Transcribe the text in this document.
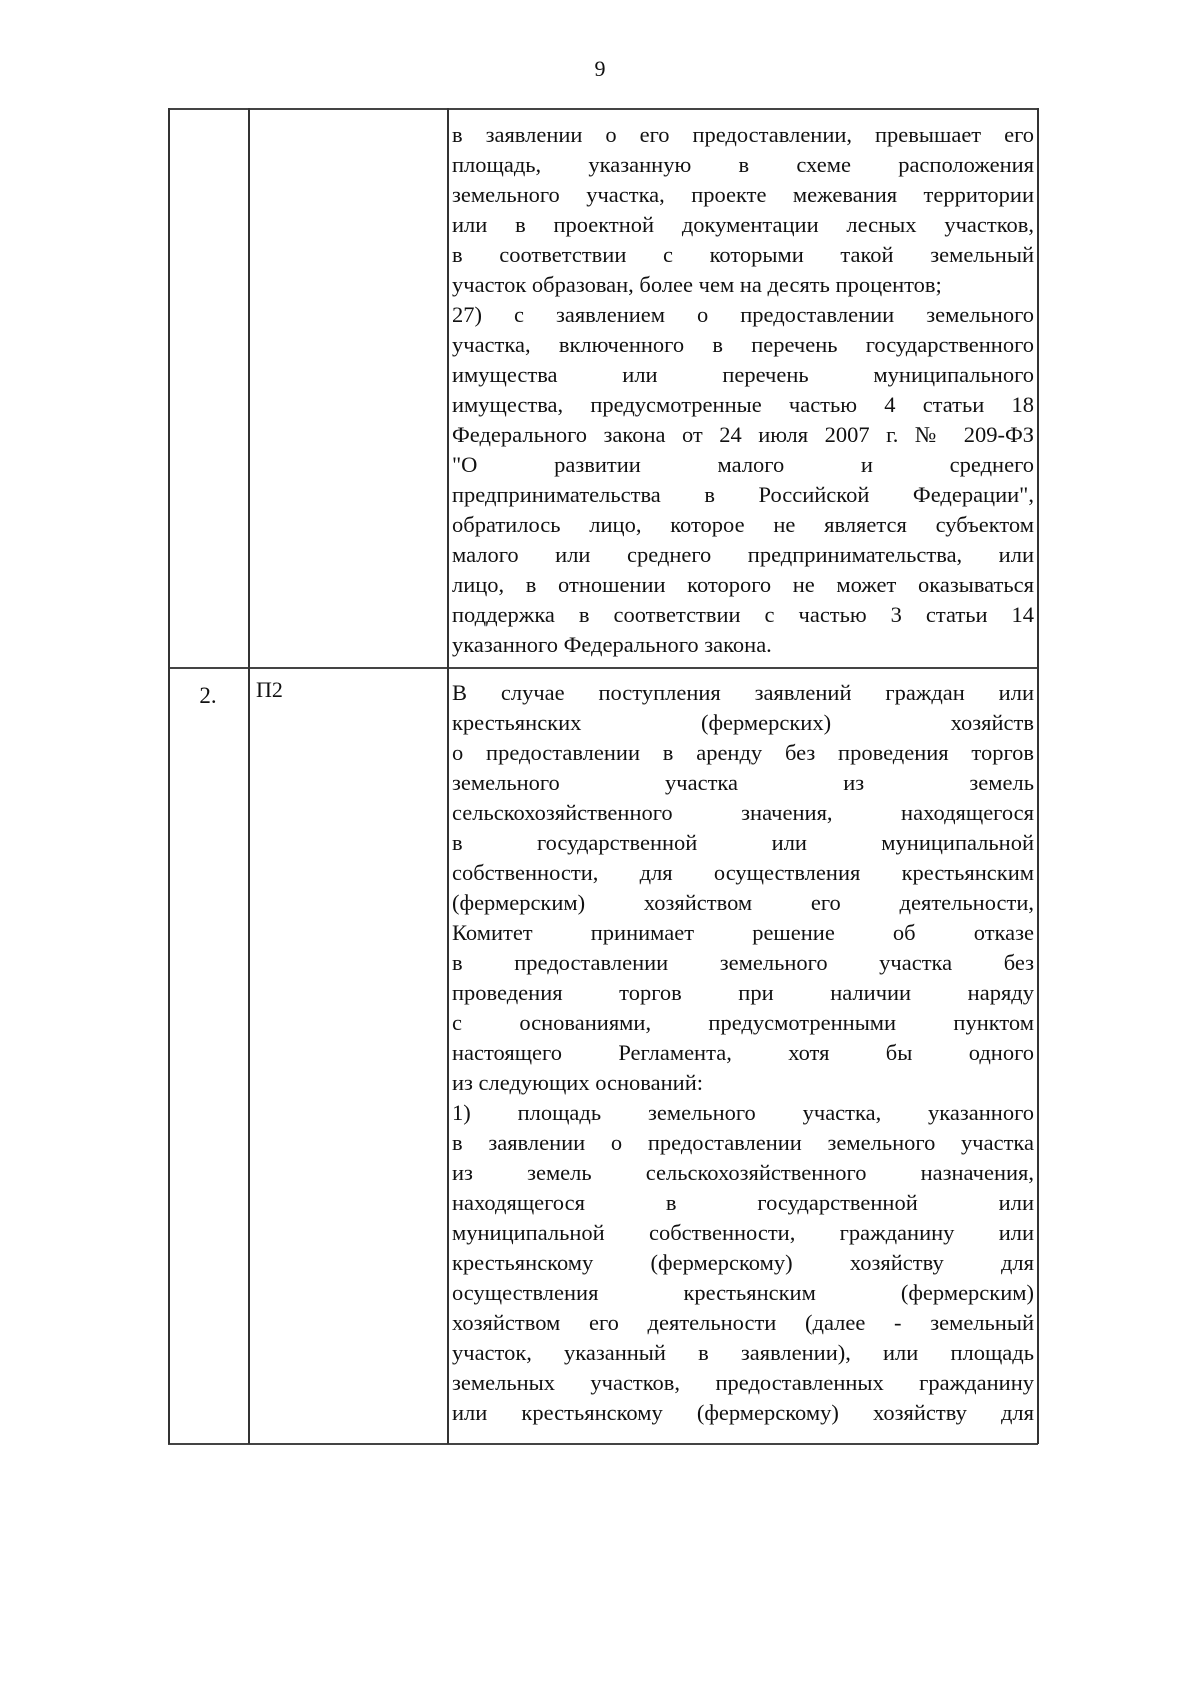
9
в заявлении о его предоставлении, превышает его
площадь, указанную в схеме расположения
земельного участка, проекте межевания территории
или в проектной документации лесных участков,
в соответствии с которыми такой земельный
участок образован, более чем на десять процентов;
27) с заявлением о предоставлении земельного
участка, включенного в перечень государственного
имущества или перечень муниципального
имущества, предусмотренные частью 4 статьи 18
Федерального закона от 24 июля 2007 г. № 209-ФЗ
"О развитии малого и среднего
предпринимательства в Российской Федерации",
обратилось лицо, которое не является субъектом
малого или среднего предпринимательства, или
лицо, в отношении которого не может оказываться
поддержка в соответствии с частью 3 статьи 14
указанного Федерального закона.
2.	П2	В случае поступления заявлений граждан или
крестьянских (фермерских) хозяйств
о предоставлении в аренду без проведения торгов
земельного участка из земель
сельскохозяйственного значения, находящегося
в государственной или муниципальной
собственности, для осуществления крестьянским
(фермерским) хозяйством его деятельности,
Комитет принимает решение об отказе
в предоставлении земельного участка без
проведения торгов при наличии наряду
с основаниями, предусмотренными пунктом
настоящего Регламента, хотя бы одного
из следующих оснований:
1) площадь земельного участка, указанного
в заявлении о предоставлении земельного участка
из земель сельскохозяйственного назначения,
находящегося в государственной или
муниципальной собственности, гражданину или
крестьянскому (фермерскому) хозяйству для
осуществления крестьянским (фермерским)
хозяйством его деятельности (далее - земельный
участок, указанный в заявлении), или площадь
земельных участков, предоставленных гражданину
или крестьянскому (фермерскому) хозяйству для
